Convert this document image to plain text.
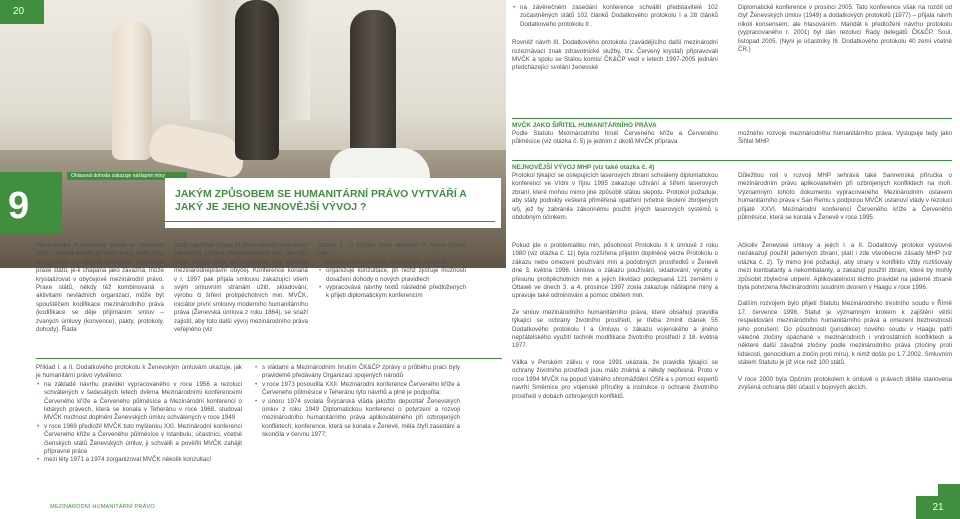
20
Ohlasová dohoda zakazuje nášlapné miny
9	JAKÝM ZPŮSOBEM SE HUMANITÁRNÍ PRÁVO VYTVÁŘÍ A JAKÝ JE JEHO NEJNOVĚJŠÍ VÝVOJ ?
• na závěrečném zasedání konference schválili představitelé 102 zúčastněných států 102 článků Dodatkového protokolu I a 28 článků Dodatkového protokolu II .
Rovněž návrh III. Dodatkového protokolu (zavádějícího další mezinárodní rozeznávací znak zdravotnické služby, tzv. Červený krystal) připravovali MVČK a spolu se Stálou komisí ČK&ČP vedl v letech 1997-2005 jednání předcházející svolání ženevské
Diplomatické konference v prosinci 2005. Tato konference však na rozdíl od čtyř Ženevských úmluv (1949) a dodatkových protokolů (1977) – přijala návrh nikoli konsensem, ale hlasováním. Mandát k předložení návrhu protokolu (vypracovaného r. 2001) byl dán rezolucí Rady delegátů ČK&ČP, Soul, listopad 2005. (Nyní je účastníky III. Dodatkového protokolu 40 zemí včetně ČR.)
MVČK JAKO ŠIŘITEL HUMANITÁRNÍHO PRÁVA
Podle Statutu Mezinárodního hnutí Červeného kříže a Červeného půlměsíce (viz otázka č. 5) je jedním z úkolů MVČK příprava
možného rozvoje mezinárodního humanitárního práva. Vystupuje tedy jako Šiřitel MHP.
NEJNOVĚJŠÍ VÝVOJ MHP (viz také otázka č. 4)
Protokol týkající se oslepujících laserových zbraní schválený diplomatickou konferencí ve Vídni v říjnu 1995 zakazuje užívání a šíření laserových zbraní, které mohou mimo jiné způsobit stálou slepotu. Protokol požaduje, aby státy podnikly veškerá přiměřená opatření (včetně školení zbrojených sil), jež by zabránila zákonnému použití jiných laserových systémů s obdobným účinkem.
Důležitou roli v rozvoji MHP sehrává také Sanremská příručka o mezinárodním právu aplikovatelném při ozbrojených konfliktech na moři. Významným tohoto dokumentu vypracovaného Mezinárodním ústavem humanitárního práva v San Remu s podporou MVČK ustanoví vlády v rezoluci přijaté XXVI. Mezinárodní konferencí Červeného kříže a Červeného půlměsíce, která se konala v Ženevě v roce 1995.
Mezinárodní humanitární právo je rozvíjeno státy – jednak kodifikací nebo praxí států. Oba tyto procesy se obvykle překrývají. Rozšířená praxe států, je-li chápána jako závazná, může krystalizovat v obyčejové mezinárodní právo. Praxe států, někdy též kombinovaná s aktivitami nevládních organizací, může být spouštěčem kodifikace mezinárodního práva (kodifikace se děje přijímáním smluv – zvaných úmluvy (konvence), pakty, protokoly, dohody). Řada
států například přijala již dříve národní legislativu zakazující užívání protipěchotních min, ale tato praxe nebyla ještě tak rozšířena, aby vytvořila mezinárodněprávní obyčej. Konference konaná v r. 1997 pak přijala smlouvu zakazující všem svým smluvním stranám užití, skladování, výrobu či šíření protipěchotních min. MVČK, iniciátor první smlouvy moderního humanitárního práva (Ženevská úmluva z roku 1864), se snaží zajistit, aby toto další vývoj mezinárodního práva veřejného (viz
otázka č. 1) zůstalo stále aktuální. V zájmu tohoto cíle:
• sleduje změny povahy ozbrojených konfliktů
• organizuje konzultace, při nichž zjišťuje možnosti dosažení dohody o nových pravidlech
• vypracovává návrhy textů následně předložených k přijetí diplomatickým konferencím
Příklad I. a II. Dodatkového protokolu k Ženevským úmluvám ukazuje, jak je humanitární právo vytvářeno:
• na základě návrhu pravidel vypracovaného v roce 1956 a rezoluci schválených v šedesátých letech dvěma Mezinárodními konferencemi Červeného kříže a Červeného půlměsíce a Mezinárodní konferencí o lidských právech, která se konala v Teheránu v roce 1968, studoval MVČK možnost doplnění Ženevských úmluv schválených v roce 1949
• v roce 1969 předložil MVČK tuto myšlenku XXI. Mezinárodní konferenci Červeného kříže a Červeného půlměsíce v Istanbulu; účastníci, včetně členských států Ženevských úmluv, ji schválili a pověřili MVČK zahájit přípravné práce
• mezi léty 1971 a 1974 zorganizoval MVČK několik konzultací
• s vládami a Mezinárodním hnutím ČK&ČP zprávy o průběhu prací byly pravidelně předávány Organizaci spojených národů
• v roce 1973 posoudila XXII. Mezinárodní konference Červeného kříže a Červeného půlměsíce v Teheránu tyto návrhů a plně je podpořila;
• v únoru 1974 svolala Švýcarská vláda jakožto depozitář Ženevských úmluv z roku 1949 Diplomatickou konferenci o potvrzení a rozvoji mezinárodního humanitárního práva aplikovatelného při ozbrojených konfliktech; konference, která se konala v Ženevě, měla čtyři zasedání a skončila v červnu 1977;
Pokud jde o problematiku min, působnost Protokolu II k úmluvě z roku 1980 (viz otázka č. 11) byla rozšířena přijetím doplněné verze Protokolu o zákazu nebo omezení používání min a podobných prostředků v Ženevě dne 3. května 1996. Úmluva o zákazu používání, skladování, výroby a přesunu protipěchotních min a jejich likvidaci podepsaná 121 zeměmi v Ottawě ve dnech 3. a 4. prosince 1997 zcela zakazuje nášlapné miny a upravuje také odminování a pomoc obětem min.
Ze smluv mezinárodního humanitárního práva, které obsahují pravidla týkající se ochrany životního prostředí, je třeba zmínit článek 55 Dodatkového protokolu I a Úmluvu o zákazu vojenského a jiného nepřátelského využití technik modifikace životního prostředí z 18. května 1977.
Válka v Perském zálivu v roce 1991 ukázala, že pravidla týkající se ochrany životního prostředí jsou málo známá a někdy nepřesná. Proto v roce 1994 MVČK na popud Valného shromáždění OSN a s pomocí expertů navrhl Směrnice pro vojenské příručky a instrukce o ochraně životního prostředí v dobách ozbrojených konfliktů.
Ačkoliv Ženevské úmluvy a jejich I. a II. Dodatkový protokol výslovně nezakazují použití jaderných zbraní, platí i zde všeobecné zásady MHP (viz otázka č. 2). Ty mimo jiné požadují, aby strany v konfliktu vždy rozlišovaly mezi kombatanty a nekombatanty, a zakazují použití zbraní, které by mohly způsobit zbytečné utrpení. Aplikovatelnost těchto pravidel na jaderné zbraně byla potvrzena Mezinárodním soudním dvorem v Haagu v roce 1996.
Dalším rozvojem bylo přijetí Statutu Mezinárodního trestního soudu v Římě 17. července 1998. Statut je významným krokem k zajištění větší respektování mezinárodního humanitárního práva a omezení beztrestnosti jeho porušení. Do působnosti (jurisdikce) nového soudu v Haagu patří válečné zločiny spáchané v mezinárodních i vnitrostátních konfliktech a některé další závažné zločiny podle mezinárodního práva (zločiny proti lidskosti, genocidium a zločin proti míru), k nimž došlo po 1.7.2002. Smluvním státem Statutu je již více než 100 států.
V roce 2000 byla Opčním protokolem k úmluvě o právech dítěte stanovena zvýšená ochrana dětí účastí v bojových akcích.
MEZINÁRODNÍ HUMANITÁRNÍ PRÁVO	21
